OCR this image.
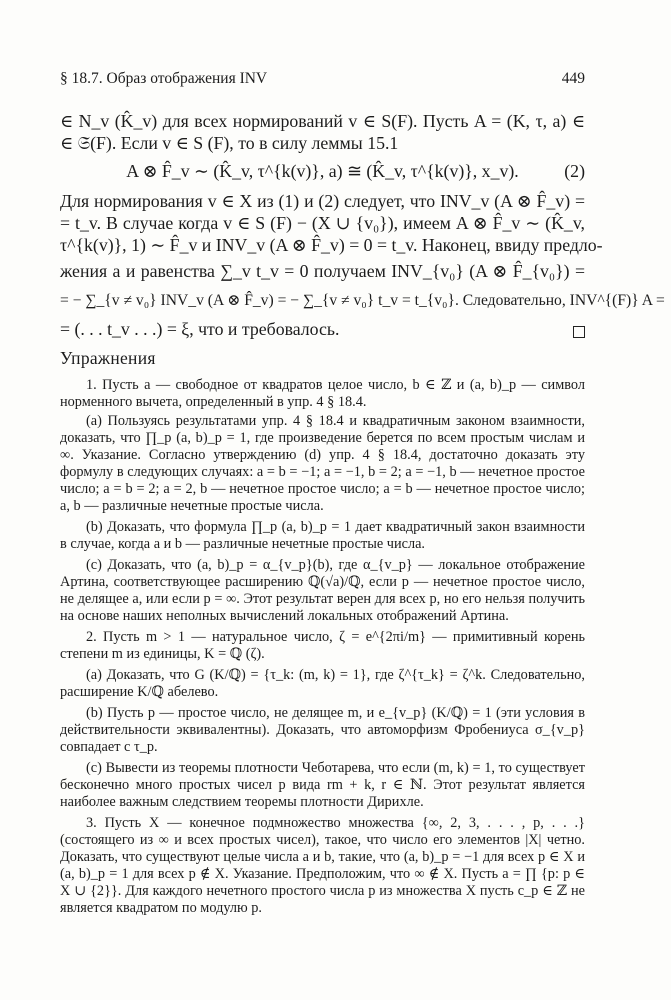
§ 18.7. Образ отображения INV	449
∈ N_v (K̂_v) для всех нормирований v ∈ S(F). Пусть A = (K, τ, a) ∈
∈ 𝔖(F). Если v ∈ S (F), то в силу леммы 15.1
A ⊗ F̂_v ∼ (K̂_v, τ^{k(v)}, a) ≅ (K̂_v, τ^{k(v)}, x_v).	(2)
Для нормирования v ∈ X из (1) и (2) следует, что INV_v (A ⊗ F̂_v) =
= t_v. В случае когда v ∈ S (F) − (X ∪ {v₀}), имеем A ⊗ F̂_v ∼ (K̂_v,
τ^{k(v)}, 1) ∼ F̂_v и INV_v (A ⊗ F̂_v) = 0 = t_v. Наконец, ввиду предло-
жения а и равенства ∑_v t_v = 0 получаем INV_{v₀} (A ⊗ F̂_{v₀}) =
= − ∑_{v ≠ v₀} INV_v (A ⊗ F̂_v) = − ∑_{v ≠ v₀} t_v = t_{v₀}. Следовательно, INV^{(F)} A =
= (. . . t_v . . .) = ξ, что и требовалось.
Упражнения

1. Пусть a — свободное от квадратов целое число, b ∈ ℤ и (a, b)_p — символ норменного вычета, определенный в упр. 4 § 18.4.

(a) Пользуясь результатами упр. 4 § 18.4 и квадратичным законом взаимности, доказать, что ∏_p (a, b)_p = 1, где произведение берется по всем простым числам и ∞. Указание. Согласно утверждению (d) упр. 4 § 18.4, достаточно доказать эту формулу в следующих случаях: a = b = −1; a = −1, b = 2; a = −1, b — нечетное простое число; a = b = 2; a = 2, b — нечетное простое число; a = b — нечетное простое число; a, b — различные нечетные простые числа.

(b) Доказать, что формула ∏_p (a, b)_p = 1 дает квадратичный закон взаимности в случае, когда a и b — различные нечетные простые числа.

(c) Доказать, что (a, b)_p = α_{v_p}(b), где α_{v_p} — локальное отображение Артина, соответствующее расширению ℚ(√a)/ℚ, если p — нечетное простое число, не делящее a, или если p = ∞. Этот результат верен для всех p, но его нельзя получить на основе наших неполных вычислений локальных отображений Артина.

2. Пусть m > 1 — натуральное число, ζ = e^{2πi/m} — примитивный корень степени m из единицы, K = ℚ (ζ).

(a) Доказать, что G (K/ℚ) = {τ_k: (m, k) = 1}, где ζ^{τ_k} = ζ^k. Следовательно, расширение K/ℚ абелево.

(b) Пусть p — простое число, не делящее m, и e_{v_p} (K/ℚ) = 1 (эти условия в действительности эквивалентны). Доказать, что автоморфизм Фробениуса σ_{v_p} совпадает с τ_p.

(c) Вывести из теоремы плотности Чеботарева, что если (m, k) = 1, то существует бесконечно много простых чисел p вида rm + k, r ∈ ℕ. Этот результат является наиболее важным следствием теоремы плотности Дирихле.

3. Пусть X — конечное подмножество множества {∞, 2, 3, . . . , p, . . .} (состоящего из ∞ и всех простых чисел), такое, что число его элементов |X| четно. Доказать, что существуют целые числа a и b, такие, что (a, b)_p = −1 для всех p ∈ X и (a, b)_p = 1 для всех p ∉ X. Указание. Предположим, что ∞ ∉ X. Пусть a = ∏ {p: p ∈ X ∪ {2}}. Для каждого нечетного простого числа p из множества X пусть c_p ∈ ℤ не является квадратом по модулю p.
